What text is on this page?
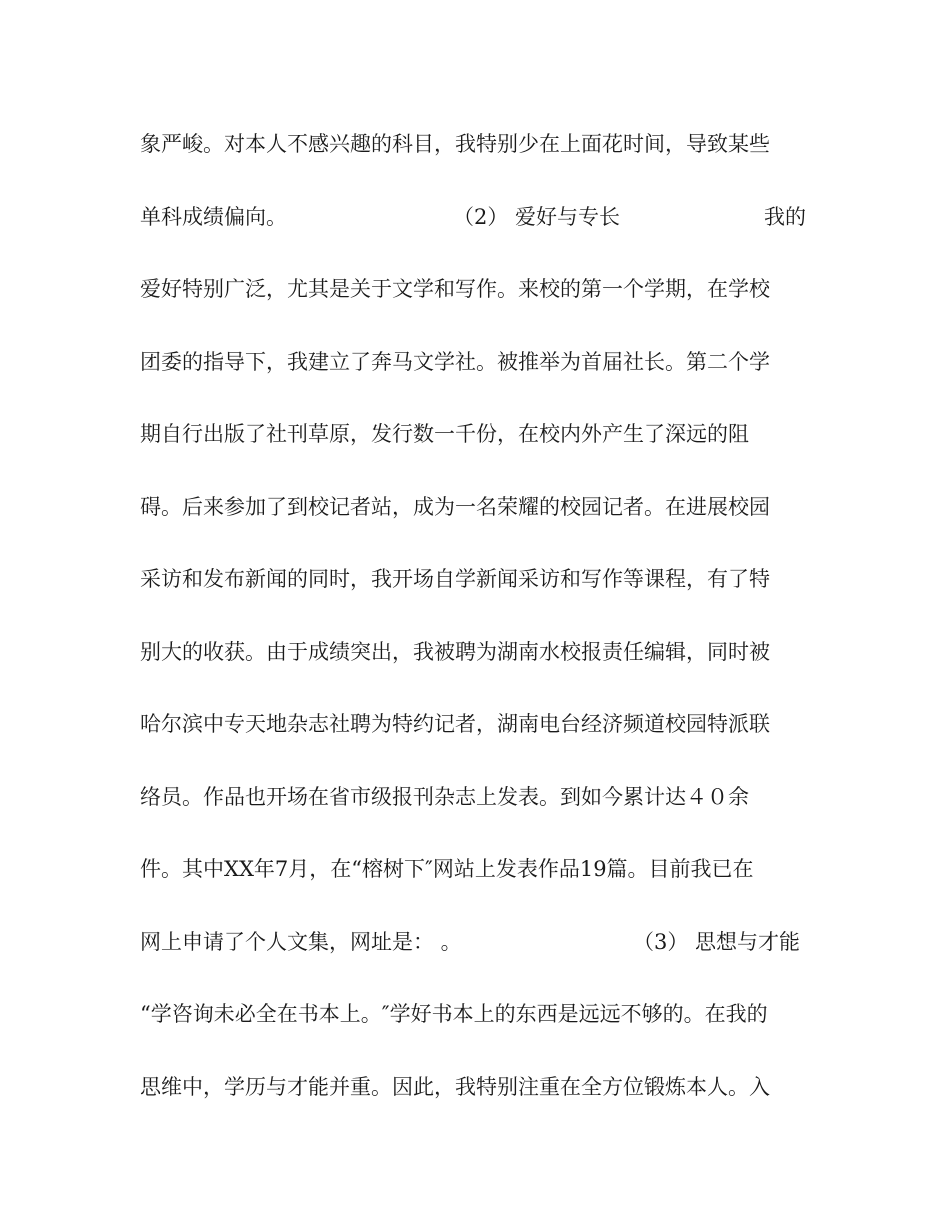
象严峻。对本人不感兴趣的科目，我特别少在上面花时间，导致某些
单科成绩偏向。	（2） 爱好与专长	我的
爱好特别广泛，尤其是关于文学和写作。来校的第一个学期，在学校
团委的指导下，我建立了奔马文学社。被推举为首届社长。第二个学
期自行出版了社刊草原，发行数一千份，在校内外产生了深远的阻
碍。后来参加了到校记者站，成为一名荣耀的校园记者。在进展校园
采访和发布新闻的同时，我开场自学新闻采访和写作等课程，有了特
别大的收获。由于成绩突出，我被聘为湖南水校报责任编辑，同时被
哈尔滨中专天地杂志社聘为特约记者，湖南电台经济频道校园特派联
络员。作品也开场在省市级报刊杂志上发表。到如今累计达４０余
件。其中XX年7月，在“榕树下″网站上发表作品19篇。目前我已在
网上申请了个人文集，网址是： 。	（3） 思想与才能
“学咨询未必全在书本上。″学好书本上的东西是远远不够的。在我的
思维中，学历与才能并重。因此，我特别注重在全方位锻炼本人。入
